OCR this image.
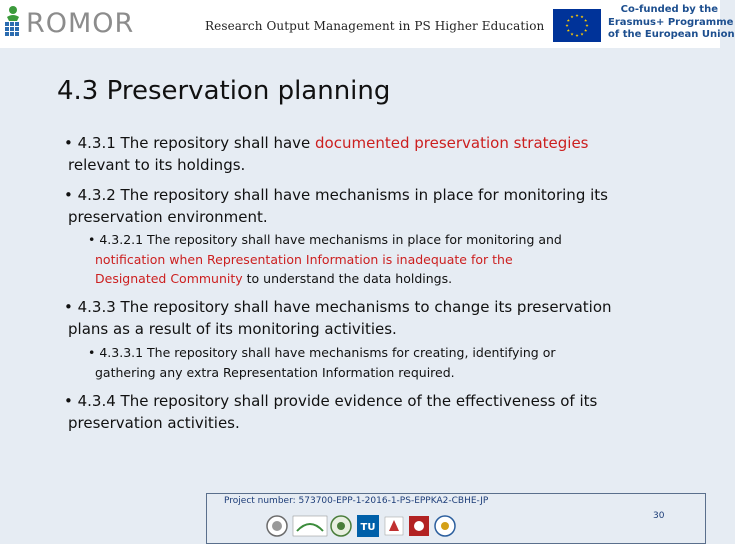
ROMOR	Research Output Management in PS Higher Education
Co-funded by the
Erasmus+ Programme
of the European Union
4.3 Preservation planning
• 4.3.1 The repository shall have documented preservation strategies
relevant to its holdings.
• 4.3.2 The repository shall have mechanisms in place for monitoring its
preservation environment.
• 4.3.2.1 The repository shall have mechanisms in place for monitoring and
notification when Representation Information is inadequate for the
Designated Community to understand the data holdings.
• 4.3.3 The repository shall have mechanisms to change its preservation
plans as a result of its monitoring activities.
• 4.3.3.1 The repository shall have mechanisms for creating, identifying or
gathering any extra Representation Information required.
• 4.3.4 The repository shall provide evidence of the effectiveness of its
preservation activities.
Project number: 573700-EPP-1-2016-1-PS-EPPKA2-CBHE-JP
TU
30
